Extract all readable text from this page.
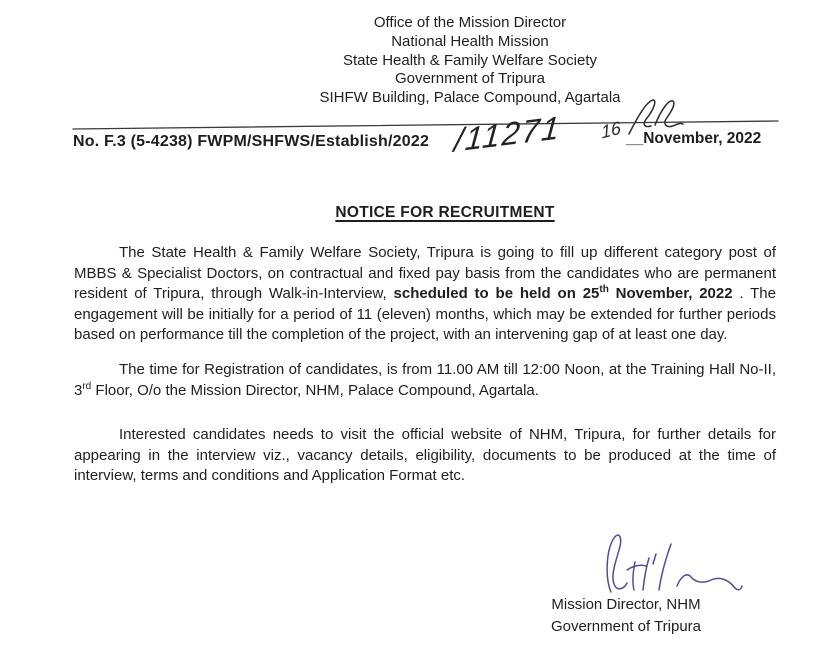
Office of the Mission Director
National Health Mission
State Health & Family Welfare Society
Government of Tripura
SIHFW Building, Palace Compound, Agartala
No. F.3 (5-4238) FWPM/SHFWS/Establish/2022 /11271 16 __November, 2022
NOTICE FOR RECRUITMENT

The State Health & Family Welfare Society, Tripura is going to fill up different category post of MBBS & Specialist Doctors, on contractual and fixed pay basis from the candidates who are permanent resident of Tripura, through Walk-in-Interview, scheduled to be held on 25th November, 2022 . The engagement will be initially for a period of 11 (eleven) months, which may be extended for further periods based on performance till the completion of the project, with an intervening gap of at least one day.

The time for Registration of candidates, is from 11.00 AM till 12:00 Noon, at the Training Hall No-II, 3rd Floor, O/o the Mission Director, NHM, Palace Compound, Agartala.

Interested candidates needs to visit the official website of NHM, Tripura, for further details for appearing in the interview viz., vacancy details, eligibility, documents to be produced at the time of interview, terms and conditions and Application Format etc.

Mission Director, NHM
Government of Tripura
